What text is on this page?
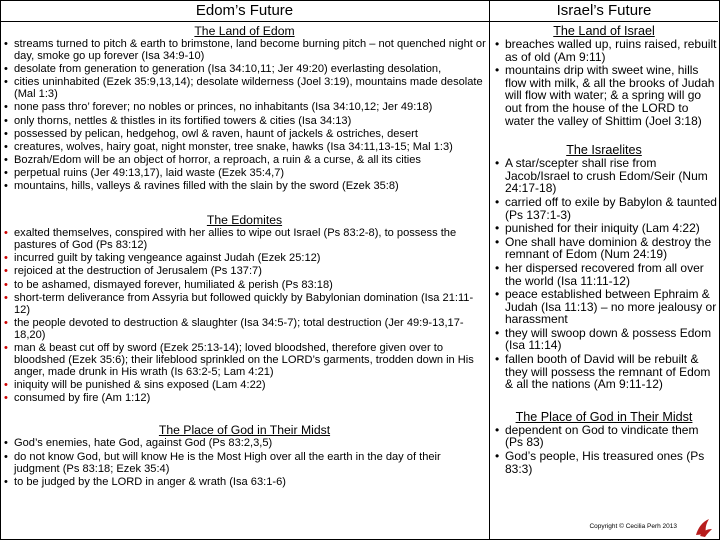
Edom’s Future	Israel’s Future
The Land of Edom
• streams turned to pitch & earth to brimstone, land become burning pitch – not quenched night or day, smoke go up forever (Isa 34:9-10)
• desolate from generation to generation (Isa 34:10,11; Jer 49:20) everlasting desolation,
• cities uninhabited (Ezek 35:9,13,14); desolate wilderness (Joel 3:19), mountains made desolate (Mal 1:3)
• none pass thro’ forever; no nobles or princes, no inhabitants (Isa 34:10,12; Jer 49:18)
• only thorns, nettles & thistles in its fortified towers & cities (Isa 34:13)
• possessed by pelican, hedgehog, owl & raven, haunt of jackels & ostriches, desert
• creatures, wolves, hairy goat, night monster, tree snake, hawks (Isa 34:11,13-15; Mal 1:3)
• Bozrah/Edom will be an object of horror, a reproach, a ruin & a curse, & all its cities
• perpetual ruins (Jer 49:13,17), laid waste (Ezek 35:4,7)
• mountains, hills, valleys & ravines filled with the slain by the sword (Ezek 35:8)
The Edomites
• exalted themselves, conspired with her allies to wipe out Israel (Ps 83:2-8), to possess the pastures of God (Ps 83:12)
• incurred guilt by taking vengeance against Judah (Ezek 25:12)
• rejoiced at the destruction of Jerusalem (Ps 137:7)
• to be ashamed, dismayed forever, humiliated & perish (Ps 83:18)
• short-term deliverance from Assyria but followed quickly by Babylonian domination (Isa 21:11-12)
• the people devoted to destruction & slaughter (Isa 34:5-7); total destruction (Jer 49:9-13,17-18,20)
• man & beast cut off by sword (Ezek 25:13-14); loved bloodshed, therefore given over to bloodshed (Ezek 35:6); their lifeblood sprinkled on the LORD’s garments, trodden down in His anger, made drunk in His wrath (Is 63:2-5; Lam 4:21)
• iniquity will be punished & sins exposed (Lam 4:22)
• consumed by fire (Am 1:12)
The Place of God in Their Midst
• God’s enemies, hate God, against God (Ps 83:2,3,5)
• do not know God, but will know He is the Most High over all the earth in the day of their judgment (Ps 83:18; Ezek 35:4)
• to be judged by the LORD in anger & wrath (Isa 63:1-6)
The Land of Israel
• breaches walled up, ruins raised, rebuilt as of old (Am 9:11)
• mountains drip with sweet wine, hills flow with milk, & all the brooks of Judah will flow with water; & a spring will go out from the house of the LORD to water the valley of Shittim (Joel 3:18)
The Israelites
• A star/scepter shall rise from Jacob/Israel to crush Edom/Seir (Num 24:17-18)
• carried off to exile by Babylon & taunted (Ps 137:1-3)
• punished for their iniquity (Lam 4:22)
• One shall have dominion & destroy the remnant of Edom (Num 24:19)
• her dispersed recovered from all over the world (Isa 11:11-12)
• peace established between Ephraim & Judah (Isa 11:13) – no more jealousy or harassment
• they will swoop down & possess Edom (Isa 11:14)
• fallen booth of David will be rebuilt & they will possess the remnant of Edom & all the nations (Am 9:11-12)
The Place of God in Their Midst
• dependent on God to vindicate them (Ps 83)
• God’s people, His treasured ones (Ps 83:3)
Copyright © Cecilia Perh 2013
